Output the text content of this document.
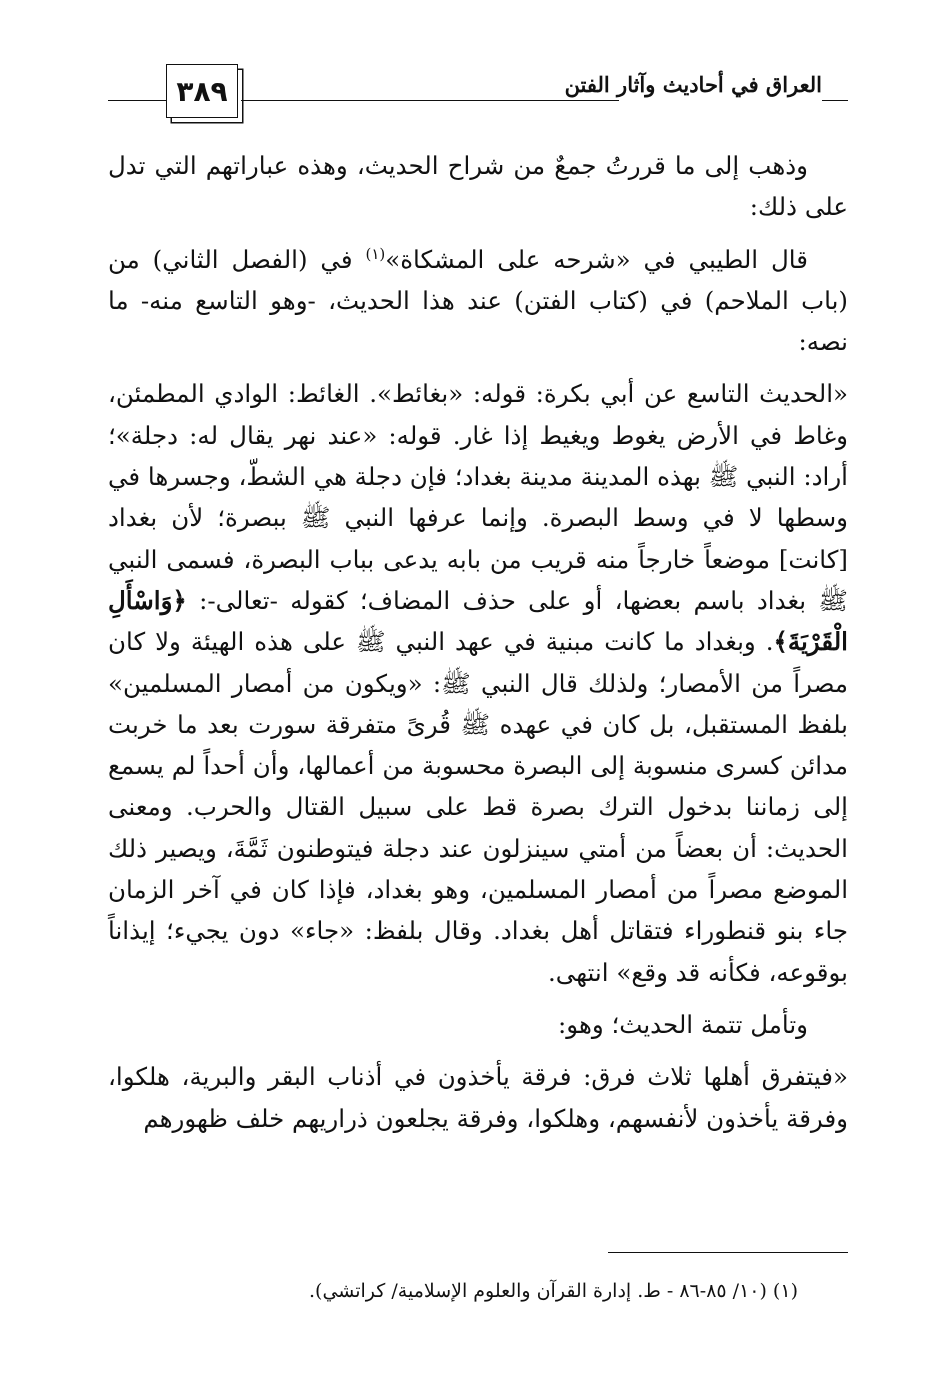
٣٨٩	العراق في أحاديث وآثار الفتن

وذهب إلى ما قررتُ جمعٌ من شراح الحديث، وهذه عباراتهم التي تدل على ذلك:

قال الطيبي في «شرحه على المشكاة»$^{(١)}$ في (الفصل الثاني) من (باب الملاحم) في (كتاب الفتن) عند هذا الحديث، -وهو التاسع منه- ما نصه:

«الحديث التاسع عن أبي بكرة: قوله: «بغائط». الغائط: الوادي المطمئن، وغاط في الأرض يغوط ويغيط إذا غار. قوله: «عند نهر يقال له: دجلة»؛ أراد: النبي ﷺ بهذه المدينة مدينة بغداد؛ فإن دجلة هي الشطّ، وجسرها في وسطها لا في وسط البصرة. وإنما عرفها النبي ﷺ ببصرة؛ لأن بغداد [كانت] موضعاً خارجاً منه قريب من بابه يدعى بباب البصرة، فسمى النبي ﷺ بغداد باسم بعضها، أو على حذف المضاف؛ كقوله -تعالى-: ﴿وَاسْأَلِ الْقَرْيَةَ﴾. وبغداد ما كانت مبنية في عهد النبي ﷺ على هذه الهيئة ولا كان مصراً من الأمصار؛ ولذلك قال النبي ﷺ: «ويكون من أمصار المسلمين» بلفظ المستقبل، بل كان في عهده ﷺ قُرىً متفرقة سورت بعد ما خربت مدائن كسرى منسوبة إلى البصرة محسوبة من أعمالها، وأن أحداً لم يسمع إلى زماننا بدخول الترك بصرة قط على سبيل القتال والحرب. ومعنى الحديث: أن بعضاً من أمتي سينزلون عند دجلة فيتوطنون ثَمَّةَ، ويصير ذلك الموضع مصراً من أمصار المسلمين، وهو بغداد، فإذا كان في آخر الزمان جاء بنو قنطوراء فتقاتل أهل بغداد. وقال بلفظ: «جاء» دون يجيء؛ إيذاناً بوقوعه، فكأنه قد وقع» انتهى.

وتأمل تتمة الحديث؛ وهو:

«فيتفرق أهلها ثلاث فرق: فرقة يأخذون في أذناب البقر والبرية، هلكوا، وفرقة يأخذون لأنفسهم، وهلكوا، وفرقة يجلعون ذراريهم خلف ظهورهم

(١) (١٠/ ٨٥-٨٦ - ط. إدارة القرآن والعلوم الإسلامية/ كراتشي).
